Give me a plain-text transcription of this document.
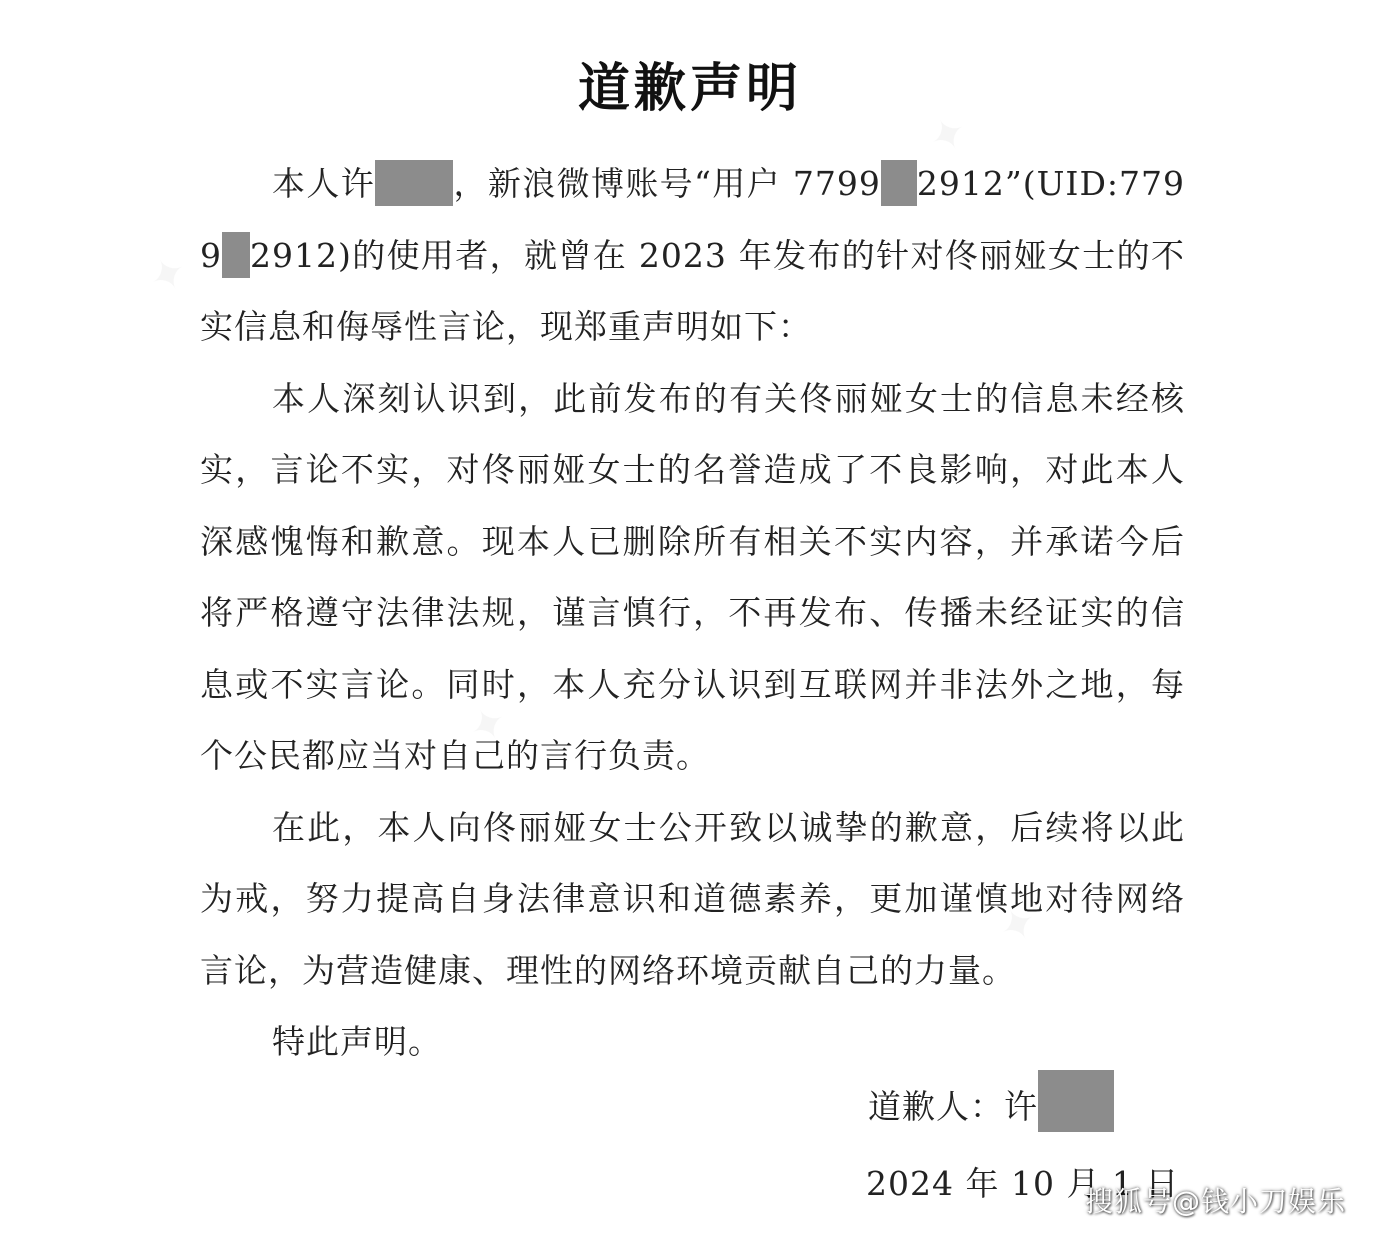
道歉声明

本人许 ，新浪微博账号“用户 7799 2912”(UID:779 9 2912)的使用者，就曾在 2023 年发布的针对佟丽娅女士的不实信息和侮辱性言论，现郑重声明如下：

本人深刻认识到，此前发布的有关佟丽娅女士的信息未经核实，言论不实，对佟丽娅女士的名誉造成了不良影响，对此本人深感愧悔和歉意。现本人已删除所有相关不实内容，并承诺今后将严格遵守法律法规，谨言慎行，不再发布、传播未经证实的信息或不实言论。同时，本人充分认识到互联网并非法外之地，每个公民都应当对自己的言行负责。

在此，本人向佟丽娅女士公开致以诚挚的歉意，后续将以此为戒，努力提高自身法律意识和道德素养，更加谨慎地对待网络言论，为营造健康、理性的网络环境贡献自己的力量。

特此声明。

道歉人：许
2024 年 10 月 1 日
搜狐号@钱小刀娱乐
